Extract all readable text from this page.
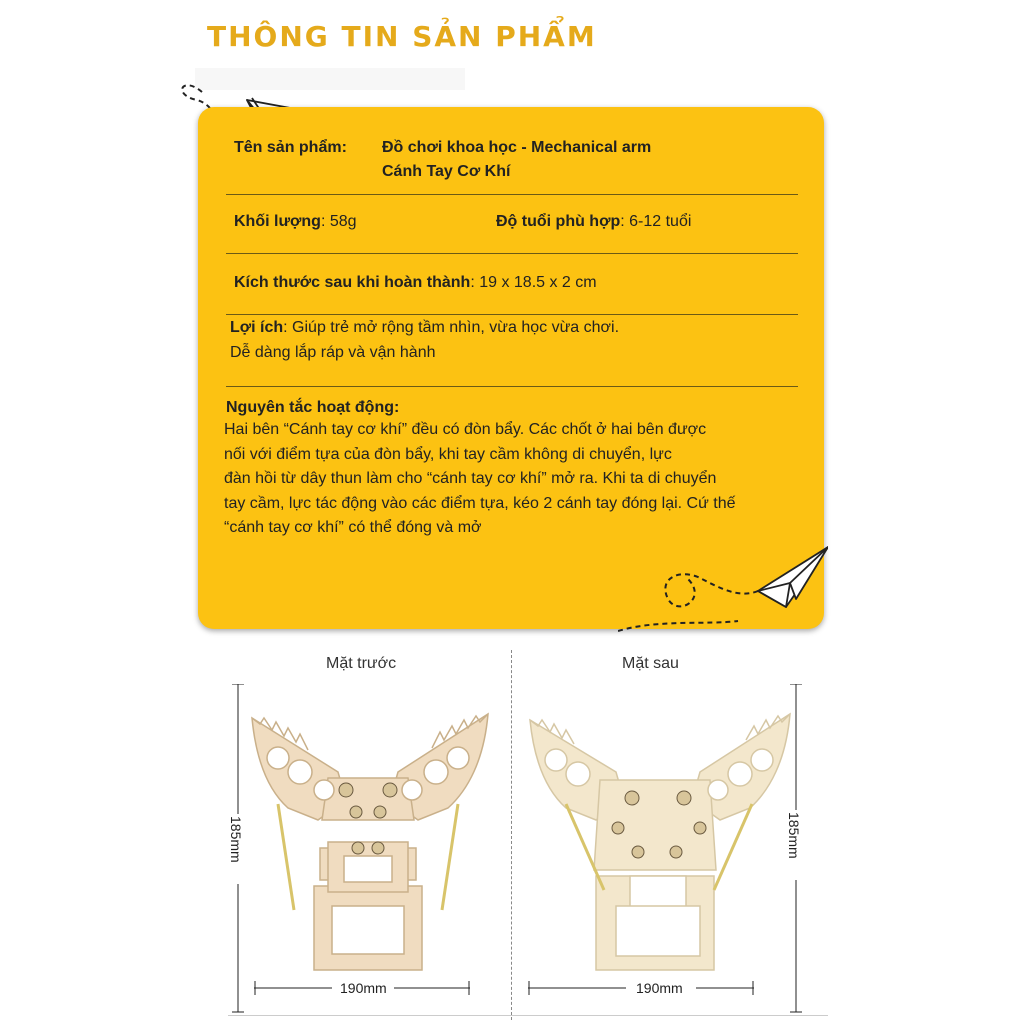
THÔNG TIN SẢN PHẨM
Tên sản phẩm: Đồ chơi khoa học - Mechanical arm
Cánh Tay Cơ Khí
Khối lượng: 58g	Độ tuổi phù hợp: 6-12 tuổi
Kích thước sau khi hoàn thành: 19 x 18.5 x 2 cm
Lợi ích: Giúp trẻ mở rộng tầm nhìn, vừa học vừa chơi.
Dễ dàng lắp ráp và vận hành
Nguyên tắc hoạt động:
Hai bên “Cánh tay cơ khí” đều có đòn bẩy. Các chốt ở hai bên được
nối với điểm tựa của đòn bẩy, khi tay cầm không di chuyển, lực
đàn hồi từ dây thun làm cho “cánh tay cơ khí” mở ra. Khi ta di chuyển
tay cầm, lực tác động vào các điểm tựa, kéo 2 cánh tay đóng lại. Cứ thế
“cánh tay cơ khí” có thể đóng và mở
Mặt trước	Mặt sau
185mm
190mm
185mm
190mm
